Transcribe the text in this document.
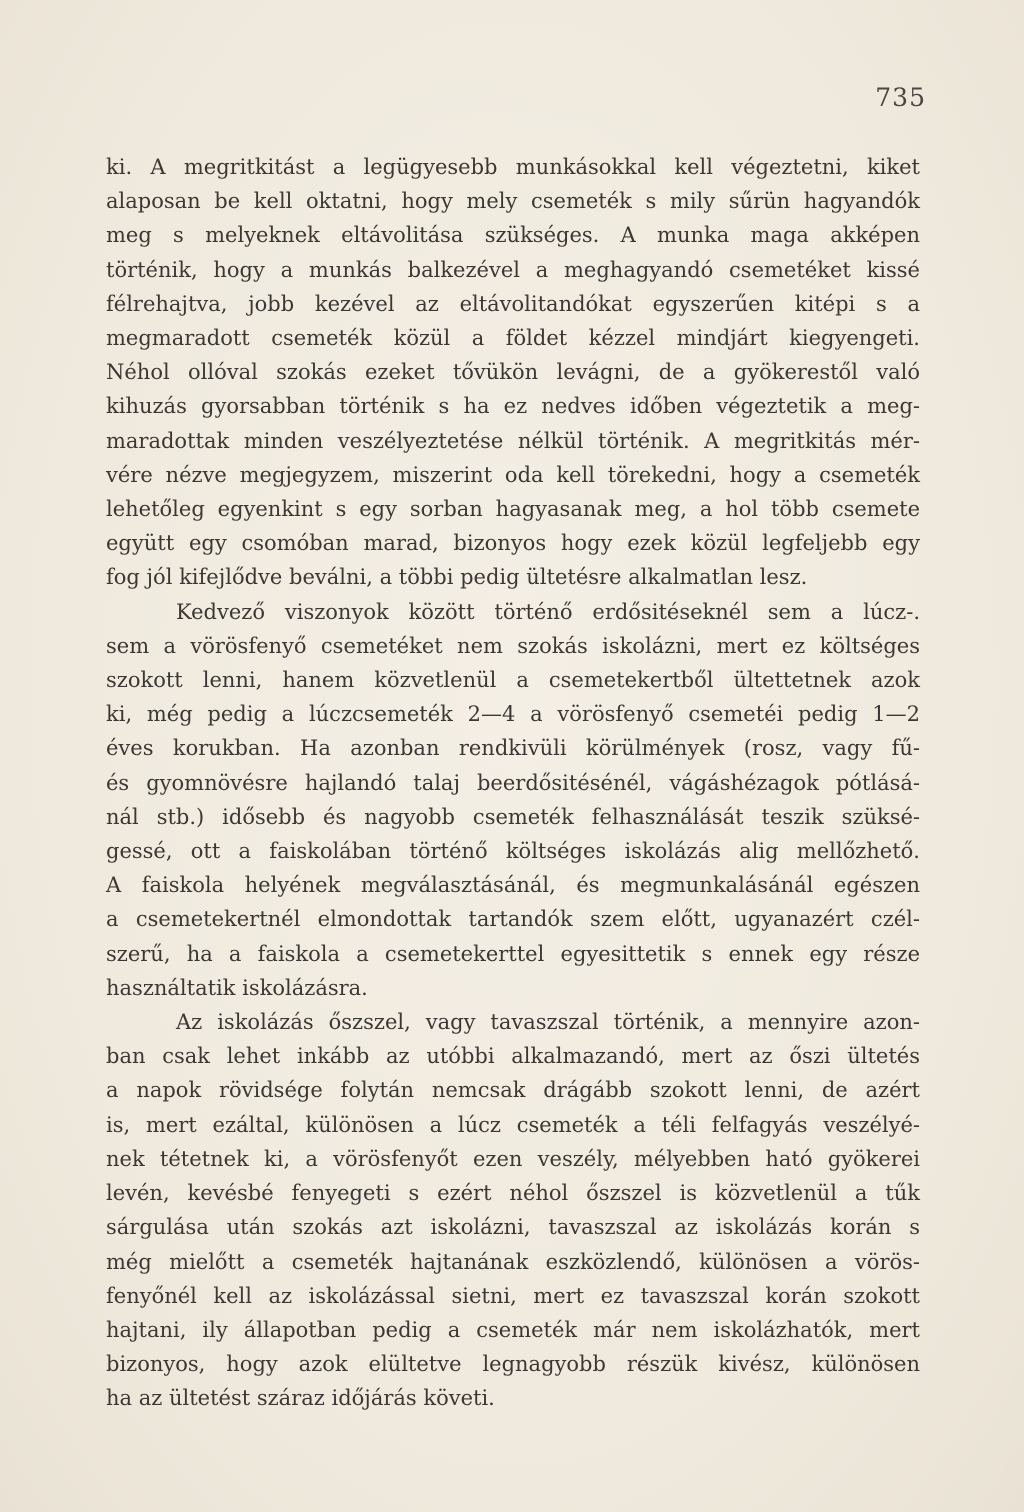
735
ki. A megritkitást a legügyesebb munkásokkal kell végeztetni, kiket
alaposan be kell oktatni, hogy mely csemeték s mily sűrün hagyandók
meg s melyeknek eltávolitása szükséges. A munka maga akképen
történik, hogy a munkás balkezével a meghagyandó csemetéket kissé
félrehajtva, jobb kezével az eltávolitandókat egyszerűen kitépi s a
megmaradott csemeték közül a földet kézzel mindjárt kiegyengeti.
Néhol ollóval szokás ezeket tővükön levágni, de a gyökerestől való
kihuzás gyorsabban történik s ha ez nedves időben végeztetik a meg-
maradottak minden veszélyeztetése nélkül történik. A megritkitás mér-
vére nézve megjegyzem, miszerint oda kell törekedni, hogy a csemeték
lehetőleg egyenkint s egy sorban hagyasanak meg, a hol több csemete
együtt egy csomóban marad, bizonyos hogy ezek közül legfeljebb egy
fog jól kifejlődve beválni, a többi pedig ültetésre alkalmatlan lesz.
Kedvező viszonyok között történő erdősitéseknél sem a lúcz-.
sem a vörösfenyő csemetéket nem szokás iskolázni, mert ez költséges
szokott lenni, hanem közvetlenül a csemetekertből ültettetnek azok
ki, még pedig a lúczcsemeték 2—4 a vörösfenyő csemetéi pedig 1—2
éves korukban. Ha azonban rendkivüli körülmények (rosz, vagy fű-
és gyomnövésre hajlandó talaj beerdősitésénél, vágáshézagok pótlásá-
nál stb.) idősebb és nagyobb csemeték felhasználását teszik szüksé-
gessé, ott a faiskolában történő költséges iskolázás alig mellőzhető.
A faiskola helyének megválasztásánál, és megmunkalásánál egészen
a csemetekertnél elmondottak tartandók szem előtt, ugyanazért czél-
szerű, ha a faiskola a csemetekerttel egyesittetik s ennek egy része
használtatik iskolázásra.
Az iskolázás őszszel, vagy tavaszszal történik, a mennyire azon-
ban csak lehet inkább az utóbbi alkalmazandó, mert az őszi ültetés
a napok rövidsége folytán nemcsak drágább szokott lenni, de azért
is, mert ezáltal, különösen a lúcz csemeték a téli felfagyás veszélyé-
nek tétetnek ki, a vörösfenyőt ezen veszély, mélyebben ható gyökerei
levén, kevésbé fenyegeti s ezért néhol őszszel is közvetlenül a tűk
sárgulása után szokás azt iskolázni, tavaszszal az iskolázás korán s
még mielőtt a csemeték hajtanának eszközlendő, különösen a vörös-
fenyőnél kell az iskolázással sietni, mert ez tavaszszal korán szokott
hajtani, ily állapotban pedig a csemeték már nem iskolázhatók, mert
bizonyos, hogy azok elültetve legnagyobb részük kivész, különösen
ha az ültetést száraz időjárás követi.
